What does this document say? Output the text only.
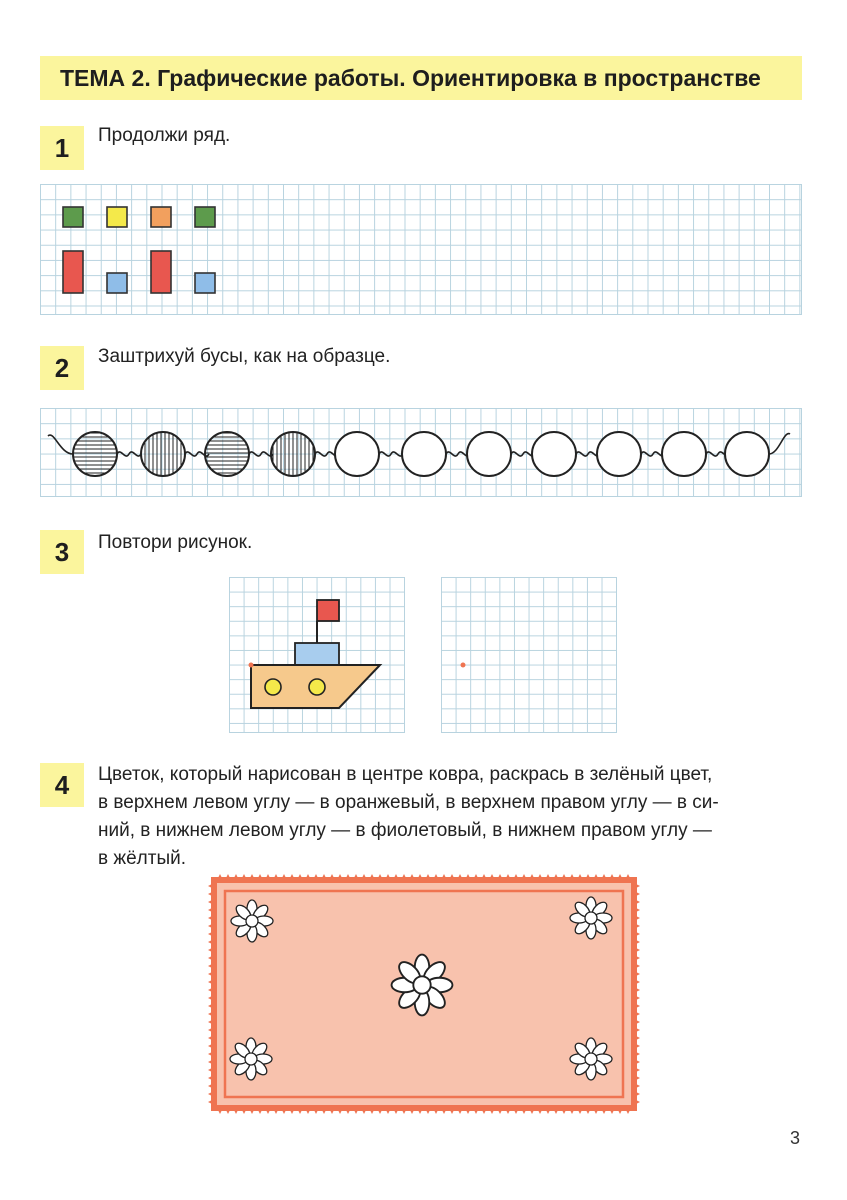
ТЕМА 2. Графические работы. Ориентировка в пространстве
1	Продолжи ряд.
2	Заштрихуй бусы, как на образце.
3	Повтори рисунок.
4	Цветок, который нарисован в центре ковра, раскрась в зелёный цвет,
в верхнем левом углу — в оранжевый, в верхнем правом углу — в си-
ний, в нижнем левом углу — в фиолетовый, в нижнем правом углу —
в жёлтый.
3
